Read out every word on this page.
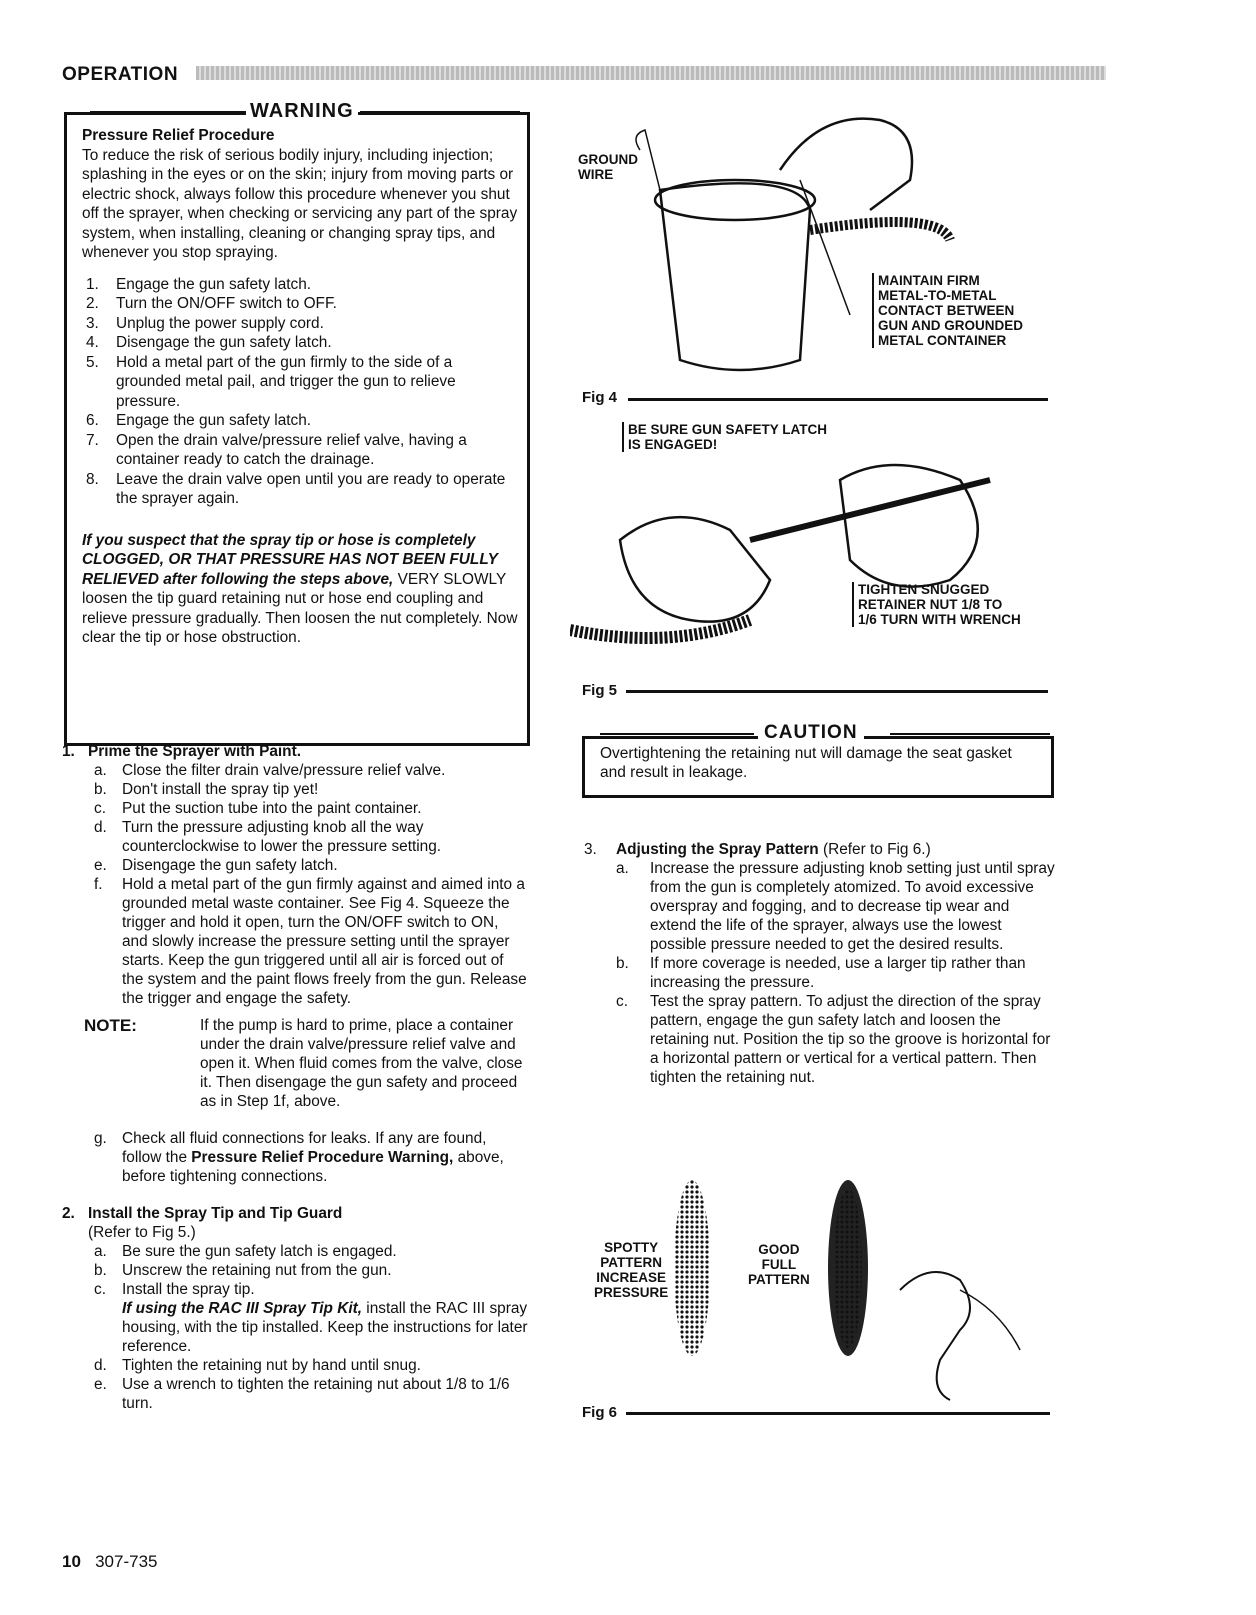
OPERATION
WARNING

Pressure Relief Procedure

To reduce the risk of serious bodily injury, including injection; splashing in the eyes or on the skin; injury from moving parts or electric shock, always follow this procedure whenever you shut off the sprayer, when checking or servicing any part of the spray system, when installing, cleaning or changing spray tips, and whenever you stop spraying.

1. Engage the gun safety latch.
2. Turn the ON/OFF switch to OFF.
3. Unplug the power supply cord.
4. Disengage the gun safety latch.
5. Hold a metal part of the gun firmly to the side of a grounded metal pail, and trigger the gun to relieve pressure.
6. Engage the gun safety latch.
7. Open the drain valve/pressure relief valve, having a container ready to catch the drainage.
8. Leave the drain valve open until you are ready to operate the sprayer again.

If you suspect that the spray tip or hose is completely CLOGGED, OR THAT PRESSURE HAS NOT BEEN FULLY RELIEVED after following the steps above, VERY SLOWLY loosen the tip guard retaining nut or hose end coupling and relieve pressure gradually. Then loosen the nut completely. Now clear the tip or hose obstruction.

1. Prime the Sprayer with Paint.
a. Close the filter drain valve/pressure relief valve.
b. Don't install the spray tip yet!
c. Put the suction tube into the paint container.
d. Turn the pressure adjusting knob all the way counterclockwise to lower the pressure setting.
e. Disengage the gun safety latch.
f. Hold a metal part of the gun firmly against and aimed into a grounded metal waste container. See Fig 4. Squeeze the trigger and hold it open, turn the ON/OFF switch to ON, and slowly increase the pressure setting until the sprayer starts. Keep the gun triggered until all air is forced out of the system and the paint flows freely from the gun. Release the trigger and engage the safety.
NOTE:	If the pump is hard to prime, place a container under the drain valve/pressure relief valve and open it. When fluid comes from the valve, close it. Then disengage the gun safety and proceed as in Step 1f, above.
g. Check all fluid connections for leaks. If any are found, follow the Pressure Relief Procedure Warning, above, before tightening connections.
2. Install the Spray Tip and Tip Guard
(Refer to Fig 5.)
a. Be sure the gun safety latch is engaged.
b. Unscrew the retaining nut from the gun.
c. Install the spray tip.
If using the RAC III Spray Tip Kit, install the RAC III spray housing, with the tip installed. Keep the instructions for later reference.
d. Tighten the retaining nut by hand until snug.
e. Use a wrench to tighten the retaining nut about 1/8 to 1/6 turn.
GROUND
WIRE
MAINTAIN FIRM
METAL-TO-METAL
CONTACT BETWEEN
GUN AND GROUNDED
METAL CONTAINER
Fig 4
BE SURE GUN SAFETY LATCH
IS ENGAGED!
TIGHTEN SNUGGED
RETAINER NUT 1/8 TO
1/6 TURN WITH WRENCH
Fig 5
CAUTION
Overtightening the retaining nut will damage the seat gasket and result in leakage.
3. Adjusting the Spray Pattern (Refer to Fig 6.)
a. Increase the pressure adjusting knob setting just until spray from the gun is completely atomized. To avoid excessive overspray and fogging, and to decrease tip wear and extend the life of the sprayer, always use the lowest possible pressure needed to get the desired results.
b. If more coverage is needed, use a larger tip rather than increasing the pressure.
c. Test the spray pattern. To adjust the direction of the spray pattern, engage the gun safety latch and loosen the retaining nut. Position the tip so the groove is horizontal for a horizontal pattern or vertical for a vertical pattern. Then tighten the retaining nut.
SPOTTY
PATTERN
INCREASE
PRESSURE
GOOD
FULL
PATTERN
Fig 6
10 307-735
